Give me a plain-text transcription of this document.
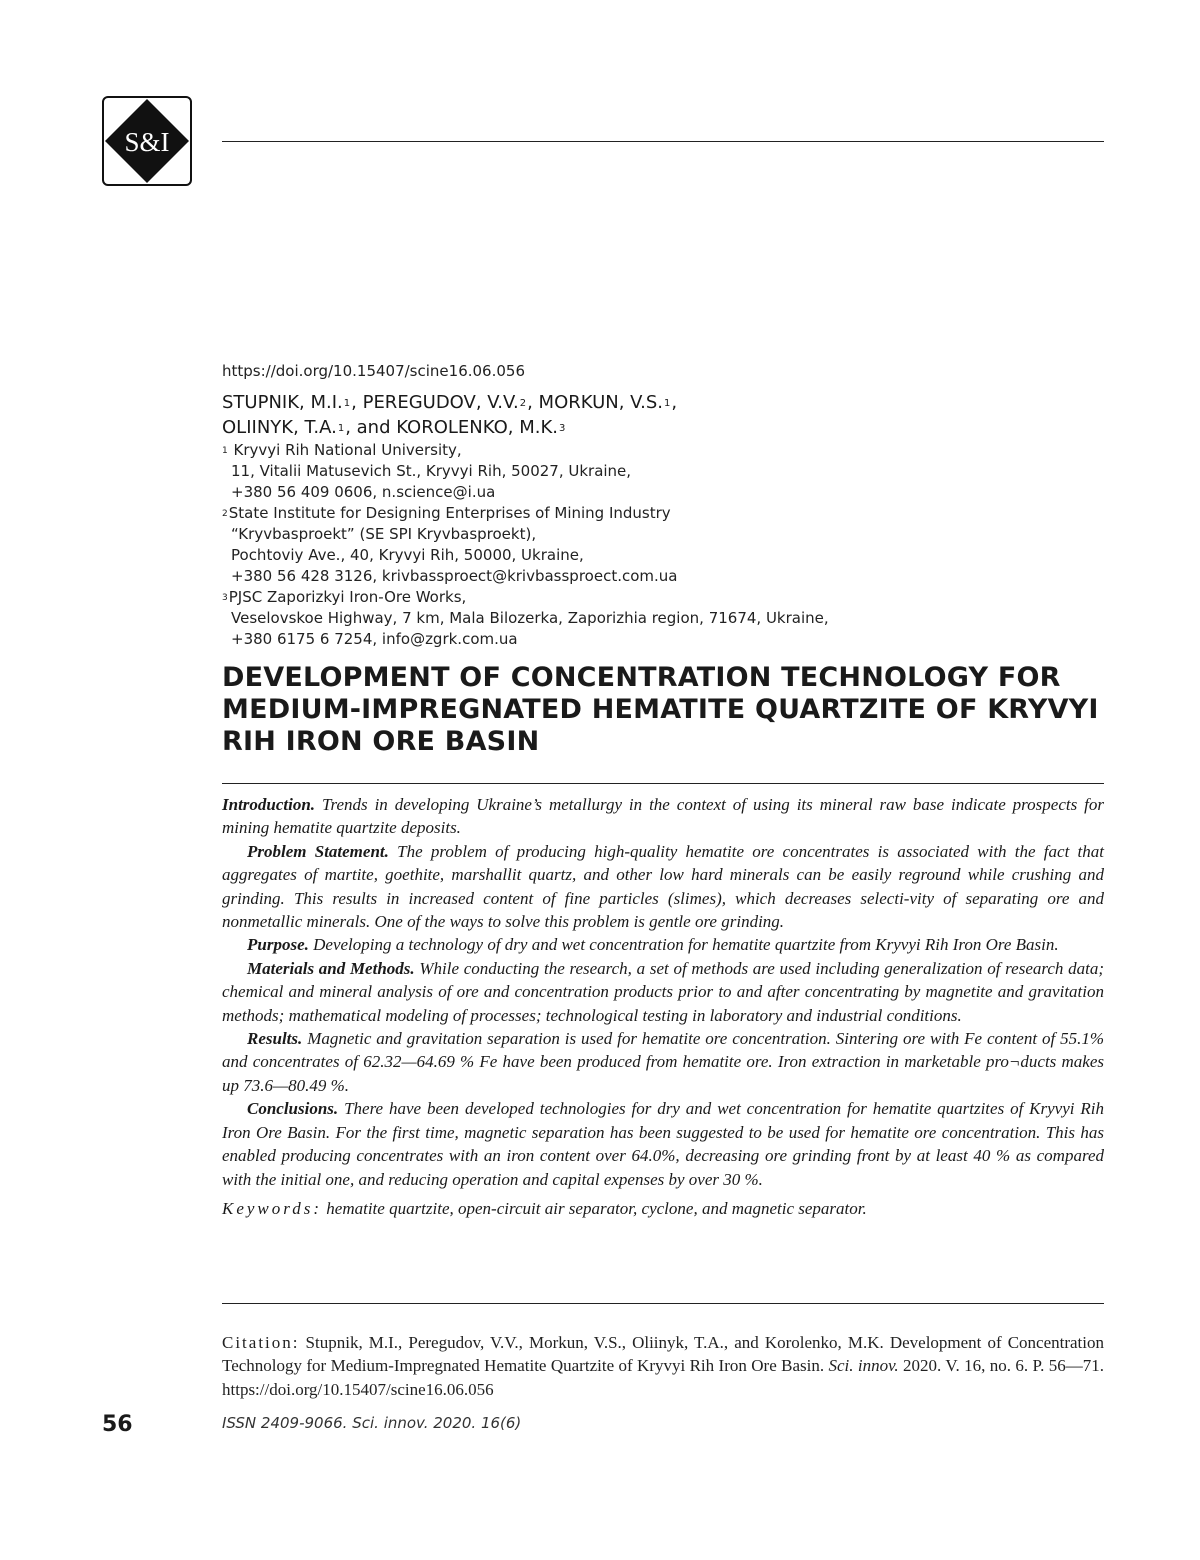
S&I
https://doi.org/10.15407/scine16.06.056
STUPNIK, M.I.$^1$, PEREGUDOV, V.V.$^2$, MORKUN, V.S.$^1$,
OLIINYK, T.A.$^1$, and KOROLENKO, M.K.$^3$
$^1$ Kryvyi Rih National University,
11, Vitalii Matusevich St., Kryvyi Rih, 50027, Ukraine,
+380 56 409 0606, n.science@i.ua
$^2$State Institute for Designing Enterprises of Mining Industry
“Kryvbasproekt” (SE SPI Kryvbasproekt),
Pochtoviy Ave., 40, Kryvyi Rih, 50000, Ukraine,
+380 56 428 3126, krivbassproect@krivbassproect.com.ua
$^3$PJSC Zaporizkyi Iron-Ore Works,
Veselovskoe Highway, 7 km, Mala Bilozerka, Zaporizhia region, 71674, Ukraine,
+380 6175 6 7254, info@zgrk.com.ua
DEVELOPMENT OF CONCENTRATION TECHNOLOGY FOR MEDIUM-IMPREGNATED HEMATITE QUARTZITE OF KRYVYI RIH IRON ORE BASIN

Introduction. Trends in developing Ukraine’s metallurgy in the context of using its mineral raw base indicate prospects for mining hematite quartzite deposits.

Problem Statement. The problem of producing high-quality hematite ore concentrates is associated with the fact that aggregates of martite, goethite, marshallit quartz, and other low hard minerals can be easily reground while crushing and grinding. This results in increased content of fine particles (slimes), which decreases selecti-vity of separating ore and nonmetallic minerals. One of the ways to solve this problem is gentle ore grinding.

Purpose. Developing a technology of dry and wet concentration for hematite quartzite from Kryvyi Rih Iron Ore Basin.

Materials and Methods. While conducting the research, a set of methods are used including generalization of research data; chemical and mineral analysis of ore and concentration products prior to and after concentrating by magnetite and gravitation methods; mathematical modeling of processes; technological testing in laboratory and industrial conditions.

Results. Magnetic and gravitation separation is used for hematite ore concentration. Sintering ore with Fe content of 55.1% and concentrates of 62.32—64.69 % Fe have been produced from hematite ore. Iron extraction in marketable pro¬ducts makes up 73.6—80.49 %.

Conclusions. There have been developed technologies for dry and wet concentration for hematite quartzites of Kryvyi Rih Iron Ore Basin. For the first time, magnetic separation has been suggested to be used for hematite ore concentration. This has enabled producing concentrates with an iron content over 64.0%, decreasing ore grinding front by at least 40 % as compared with the initial one, and reducing operation and capital expenses by over 30 %.

Keywords: hematite quartzite, open-circuit air separator, cyclone, and magnetic separator.

Citation: Stupnik, M.I., Peregudov, V.V., Morkun, V.S., Oliinyk, T.A., and Korolenko, M.K. Development of Concentration Technology for Medium-Impregnated Hematite Quartzite of Kryvyi Rih Iron Ore Basin. Sci. innov. 2020. V. 16, no. 6. P. 56—71. https://doi.org/10.15407/scine16.06.056

56	ISSN 2409-9066. Sci. innov. 2020. 16(6)
